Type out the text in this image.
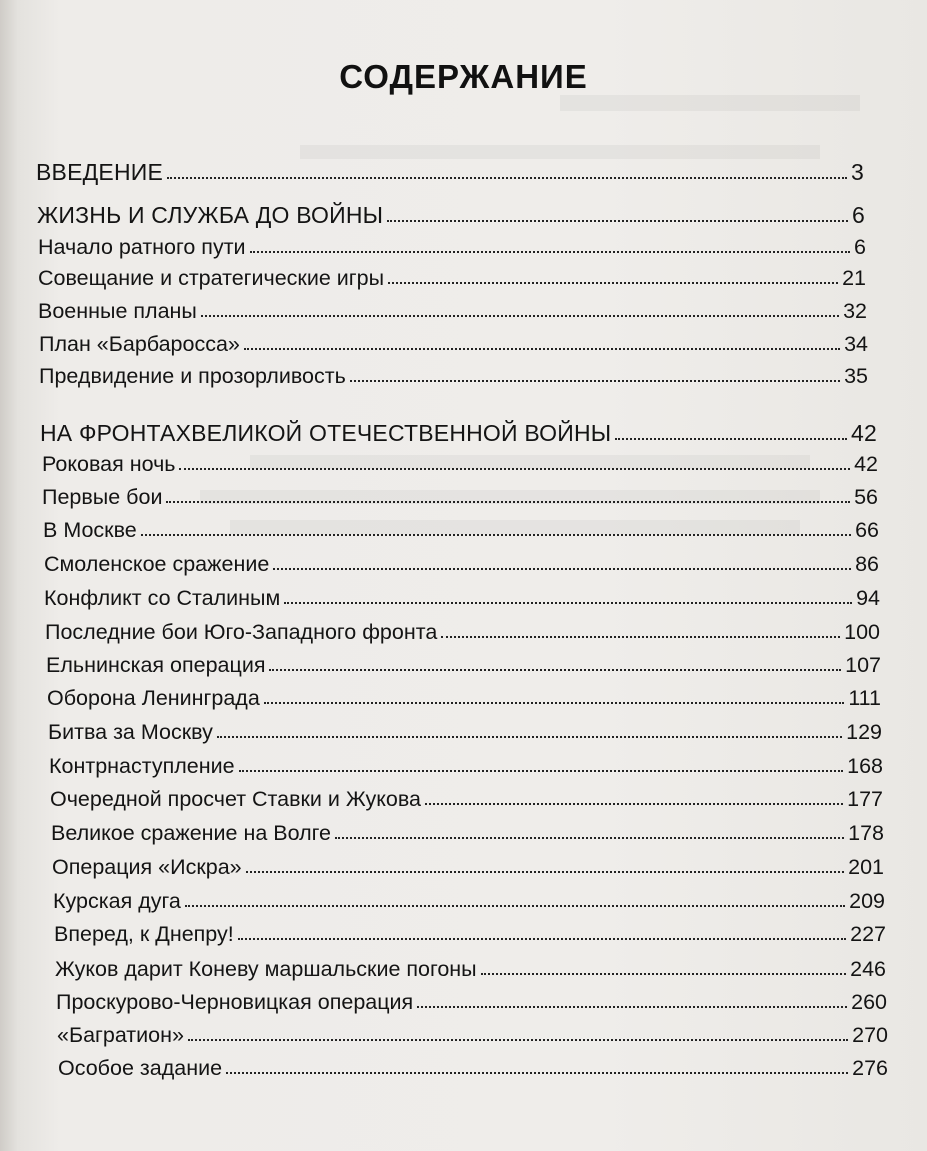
СОДЕРЖАНИЕ
ВВЕДЕНИЕ	3
ЖИЗНЬ И СЛУЖБА ДО ВОЙНЫ	6
Начало ратного пути	6
Совещание и стратегические игры	21
Военные планы	32
План «Барбаросса»	34
Предвидение и прозорливость	35
НА ФРОНТАХВЕЛИКОЙ ОТЕЧЕСТВЕННОЙ ВОЙНЫ	42
Роковая ночь	42
Первые бои	56
В Москве	66
Смоленское сражение	86
Конфликт со Сталиным	94
Последние бои Юго-Западного фронта	100
Ельнинская операция	107
Оборона Ленинграда	111
Битва за Москву	129
Контрнаступление	168
Очередной просчет Ставки и Жукова	177
Великое сражение на Волге	178
Операция «Искра»	201
Курская дуга	209
Вперед, к Днепру!	227
Жуков дарит Коневу маршальские погоны	246
Проскурово-Черновицкая операция	260
«Багратион»	270
Особое задание	276
